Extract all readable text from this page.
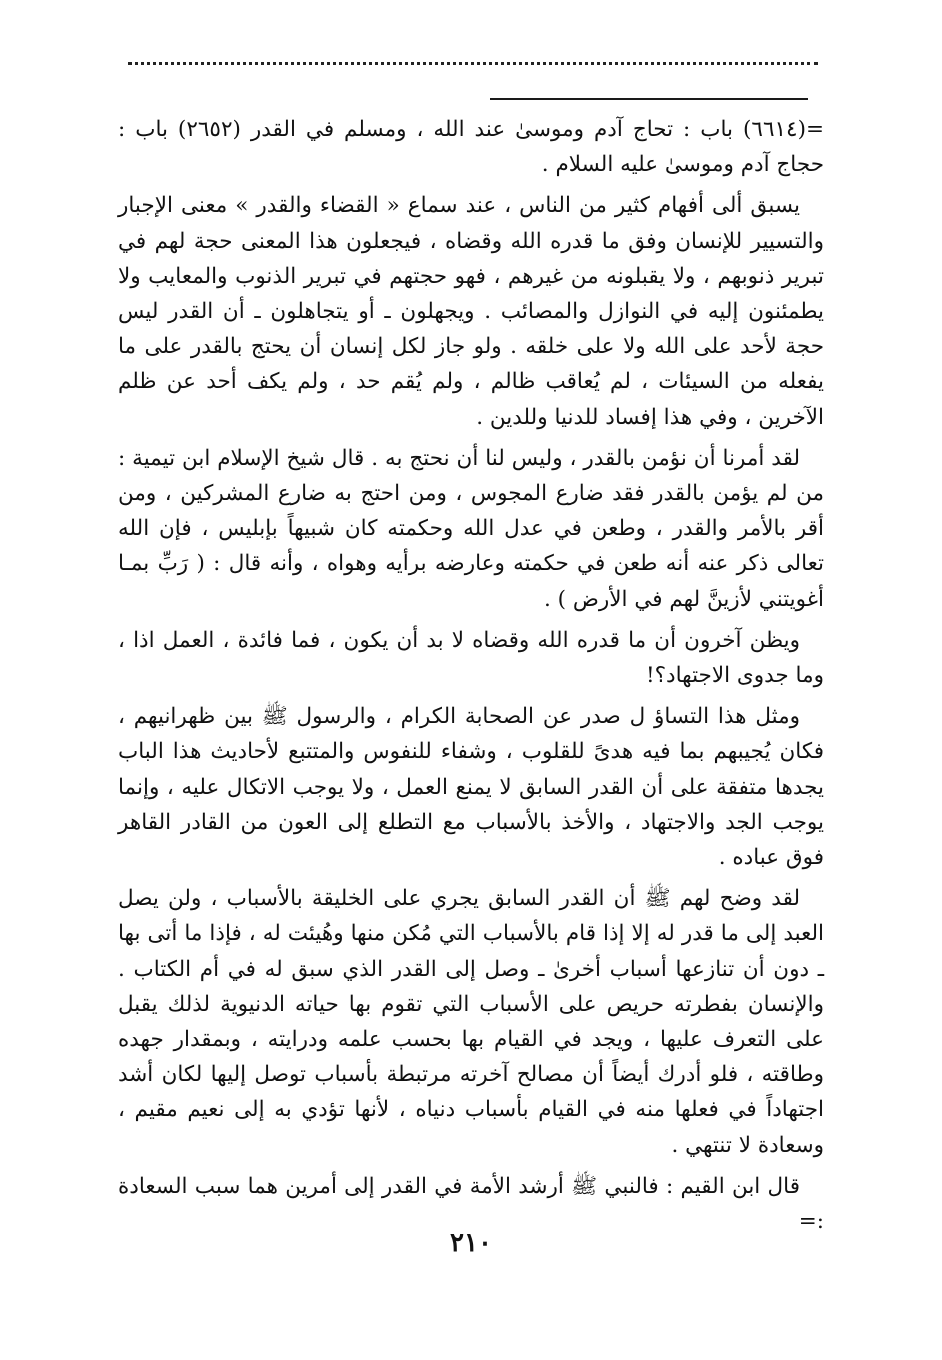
=(٦٦١٤) باب : تحاج آدم وموسىٰ عند الله ، ومسلم في القدر (٢٦٥٢) باب : حجاج آدم وموسىٰ عليه السلام .

يسبق ألى أفهام كثير من الناس ، عند سماع « القضاء والقدر » معنى الإجبار والتسيير للإنسان وفق ما قدره الله وقضاه ، فيجعلون هذا المعنى حجة لهم في تبرير ذنوبهم ، ولا يقبلونه من غيرهم ، فهو حجتهم في تبرير الذنوب والمعايب ولا يطمئنون إليه في النوازل والمصائب . ويجهلون ـ أو يتجاهلون ـ أن القدر ليس حجة لأحد على الله ولا على خلقه . ولو جاز لكل إنسان أن يحتج بالقدر على ما يفعله من السيئات ، لم يُعاقب ظالم ، ولم يُقم حد ، ولم يكف أحد عن ظلم الآخرين ، وفي هذا إفساد للدنيا وللدين .

لقد أمرنا أن نؤمن بالقدر ، وليس لنا أن نحتج به . قال شيخ الإسلام ابن تيمية : من لم يؤمن بالقدر فقد ضارع المجوس ، ومن احتج به ضارع المشركين ، ومن أقر بالأمر والقدر ، وطعن في عدل الله وحكمته كان شبيهاً بإبليس ، فإن الله تعالى ذكر عنه أنه طعن في حكمته وعارضه برأيه وهواه ، وأنه قال : ( رَبِّ بمـا أغويتني لأزينَّ لهم في الأرض ) .

ويظن آخرون أن ما قدره الله وقضاه لا بد أن يكون ، فما فائدة ، العمل اذا ، وما جدوى الاجتهاد؟!

ومثل هذا التساؤ ل صدر عن الصحابة الكرام ، والرسول ﷺ بين ظهرانيهم ، فكان يُجيبهم بما فيه هدىً للقلوب ، وشفاء للنفوس والمتتبع لأحاديث هذا الباب يجدها متفقة على أن القدر السابق لا يمنع العمل ، ولا يوجب الاتكال عليه ، وإنما يوجب الجد والاجتهاد ، والأخذ بالأسباب مع التطلع إلى العون من القادر القاهر فوق عباده .

لقد وضح لهم ﷺ أن القدر السابق يجري على الخليقة بالأسباب ، ولن يصل العبد إلى ما قدر له إلا إذا قام بالأسباب التي مُكن منها وهُيئت له ، فإذا ما أتى بها ـ دون أن تنازعها أسباب أخرىٰ ـ وصل إلى القدر الذي سبق له في أم الكتاب . والإنسان بفطرته حريص على الأسباب التي تقوم بها حياته الدنيوية لذلك يقبل على التعرف عليها ، ويجد في القيام بها بحسب علمه ودرايته ، وبمقدار جهده وطاقته ، فلو أدرك أيضاً أن مصالح آخرته مرتبطة بأسباب توصل إليها لكان أشد اجتهاداً في فعلها منه في القيام بأسباب دنياه ، لأنها تؤدي به إلى نعيم مقيم ، وسعادة لا تنتهي .

قال ابن القيم : فالنبي ﷺ أرشد الأمة في القدر إلى أمرين هما سبب السعادة :=

٢١٠
